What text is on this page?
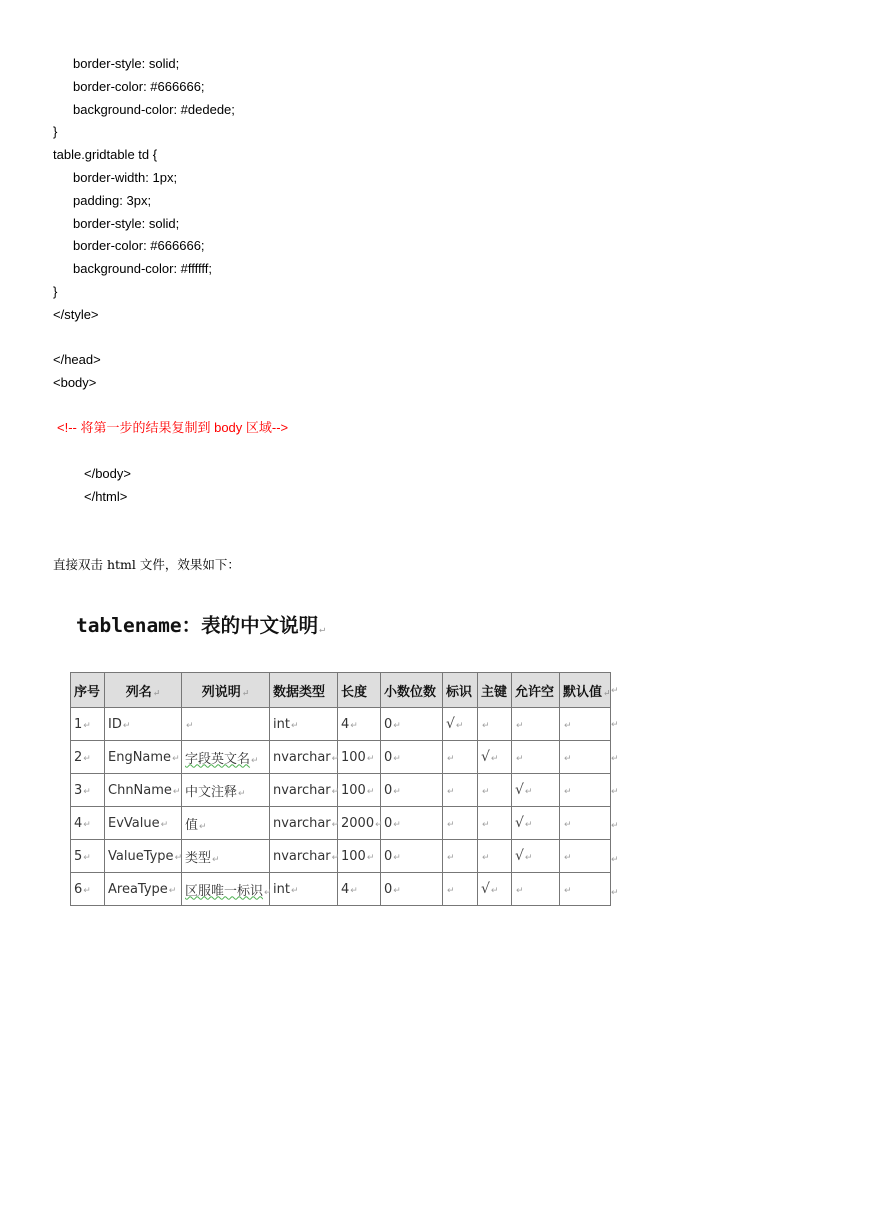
border-style: solid;
border-color: #666666;
background-color: #dedede;
}
table.gridtable td {
border-width: 1px;
padding: 3px;
border-style: solid;
border-color: #666666;
background-color: #ffffff;
}
</style>
</head>
<body>
<!-- 将第一步的结果复制到 body 区域-->
</body>
</html>
直接双击 html 文件，效果如下：
tablename：表的中文说明↵
序号	列名↵	列说明↵	数据类型	长度	小数位数	标识	主键	允许空	默认值↵
1↵	ID↵	↵	int↵	4↵	0↵	√↵	↵	↵	↵
2↵	EngName↵	字段英文名↵	nvarchar↵	100↵	0↵	↵	√↵	↵	↵
3↵	ChnName↵	中文注释↵	nvarchar↵	100↵	0↵	↵	↵	√↵	↵
4↵	EvValue↵	值↵	nvarchar↵	2000↵	0↵	↵	↵	√↵	↵
5↵	ValueType↵	类型↵	nvarchar↵	100↵	0↵	↵	↵	√↵	↵
6↵	AreaType↵	区服唯一标识↵	int↵	4↵	0↵	↵	√↵	↵	↵
↵
↵
↵
↵
↵
↵
↵
